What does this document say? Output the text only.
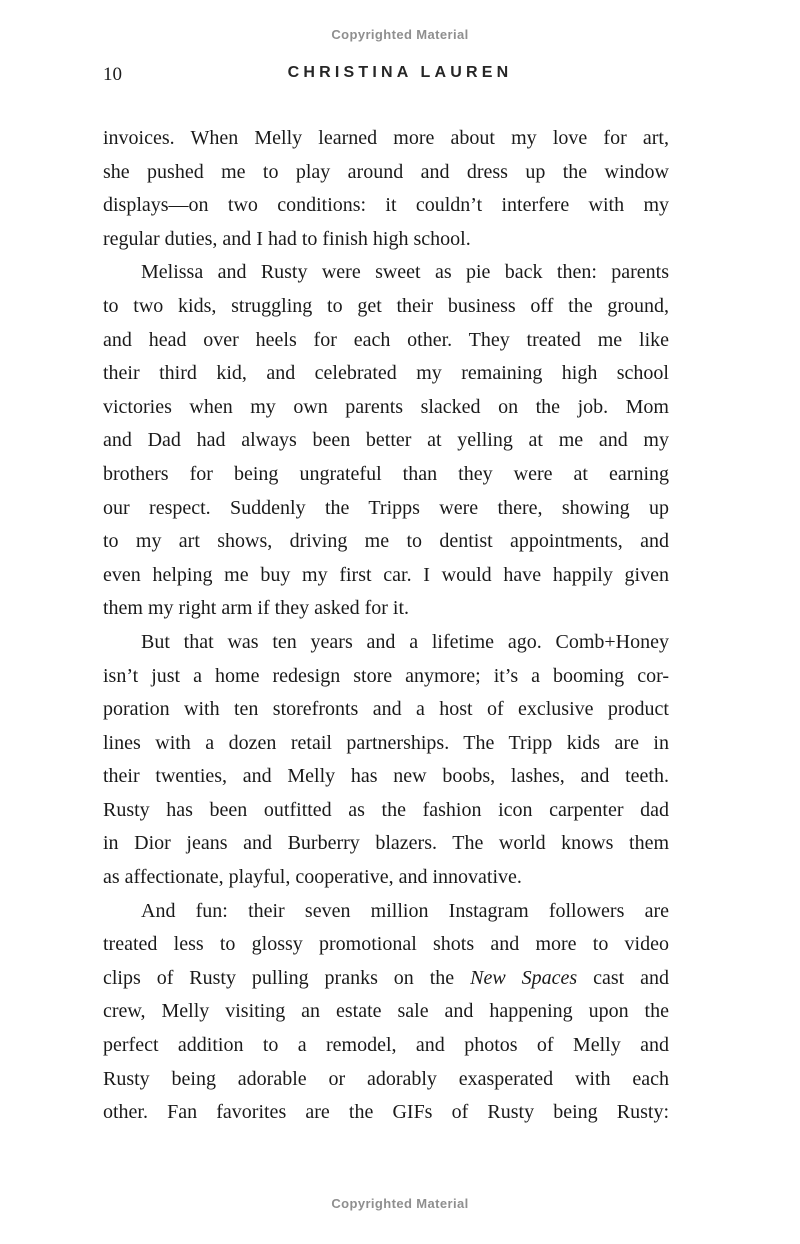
Copyrighted Material
10	CHRISTINA LAUREN
invoices. When Melly learned more about my love for art,
she pushed me to play around and dress up the window
displays—on two conditions: it couldn’t interfere with my
regular duties, and I had to finish high school.
Melissa and Rusty were sweet as pie back then: parents
to two kids, struggling to get their business off the ground,
and head over heels for each other. They treated me like
their third kid, and celebrated my remaining high school
victories when my own parents slacked on the job. Mom
and Dad had always been better at yelling at me and my
brothers for being ungrateful than they were at earning
our respect. Suddenly the Tripps were there, showing up
to my art shows, driving me to dentist appointments, and
even helping me buy my first car. I would have happily given
them my right arm if they asked for it.
But that was ten years and a lifetime ago. Comb+Honey
isn’t just a home redesign store anymore; it’s a booming cor-
poration with ten storefronts and a host of exclusive product
lines with a dozen retail partnerships. The Tripp kids are in
their twenties, and Melly has new boobs, lashes, and teeth.
Rusty has been outfitted as the fashion icon carpenter dad
in Dior jeans and Burberry blazers. The world knows them
as affectionate, playful, cooperative, and innovative.
And fun: their seven million Instagram followers are
treated less to glossy promotional shots and more to video
clips of Rusty pulling pranks on the New Spaces cast and
crew, Melly visiting an estate sale and happening upon the
perfect addition to a remodel, and photos of Melly and
Rusty being adorable or adorably exasperated with each
other. Fan favorites are the GIFs of Rusty being Rusty:
Copyrighted Material
